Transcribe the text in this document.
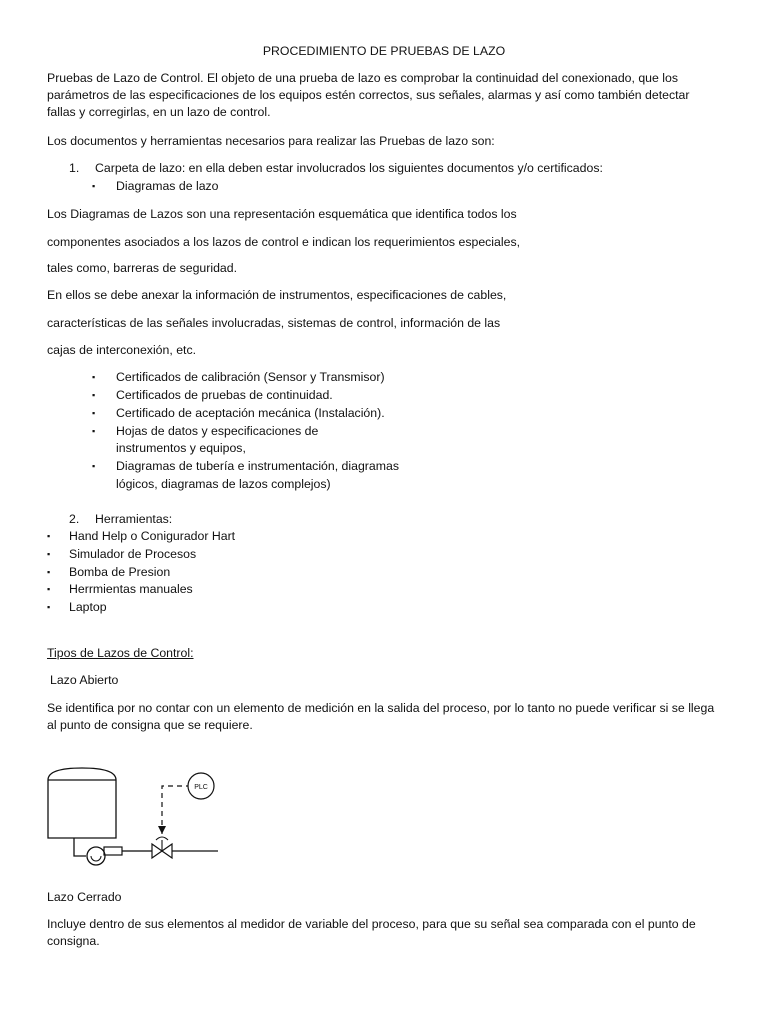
PROCEDIMIENTO DE PRUEBAS DE LAZO

Pruebas de Lazo de Control. El objeto de una prueba de lazo es comprobar la continuidad del conexionado, que los parámetros de las especificaciones de los equipos estén correctos, sus señales, alarmas y así como también detectar fallas y corregirlas, en un lazo de control.

Los documentos y herramientas necesarios para realizar las Pruebas de lazo son:

1. Carpeta de lazo: en ella deben estar involucrados los siguientes documentos y/o certificados:
▪ Diagramas de lazo
Los Diagramas de Lazos son una representación esquemática que identifica todos los
componentes asociados a los lazos de control e indican los requerimientos especiales,
tales como, barreras de seguridad.
En ellos se debe anexar la información de instrumentos, especificaciones de cables,
características de las señales involucradas, sistemas de control, información de las
cajas de interconexión, etc.
▪ Certificados de calibración (Sensor y Transmisor)
▪ Certificados de pruebas de continuidad.
▪ Certificado de aceptación mecánica (Instalación).
▪ Hojas de datos y especificaciones de
instrumentos y equipos,
▪ Diagramas de tubería e instrumentación, diagramas
lógicos, diagramas de lazos complejos)
2. Herramientas:
▪ Hand Help o Conigurador Hart
▪ Simulador de Procesos
▪ Bomba de Presion
▪ Herrmientas manuales
▪ Laptop
Tipos de Lazos de Control:
Lazo Abierto

Se identifica por no contar con un elemento de medición en la salida del proceso, por lo tanto no puede verificar si se llega al punto de consigna que se requiere.

PLC
Lazo Cerrado

Incluye dentro de sus elementos al medidor de variable del proceso, para que su señal sea comparada con el punto de consigna.
